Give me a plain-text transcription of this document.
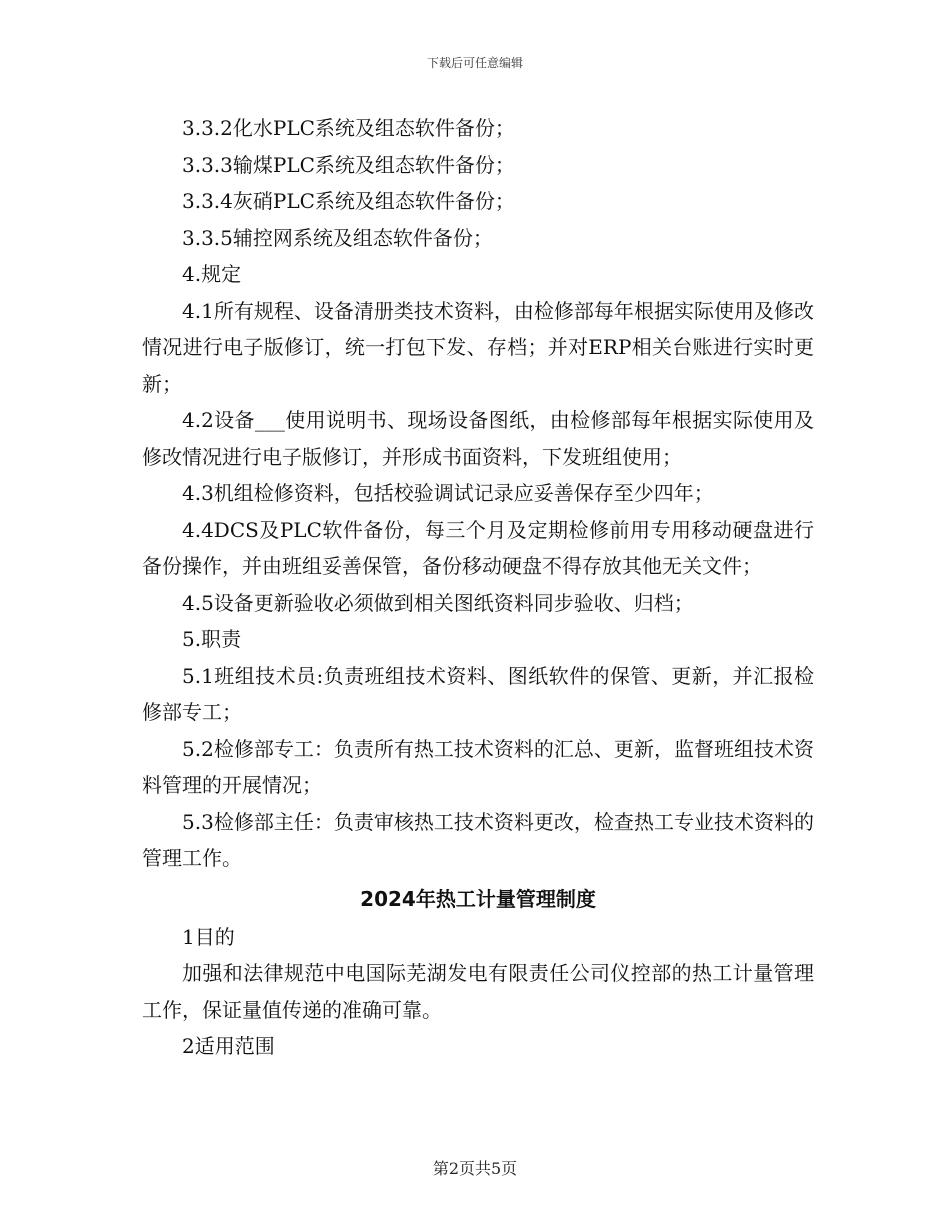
下载后可任意编辑

3.3.2化水PLC系统及组态软件备份；

3.3.3输煤PLC系统及组态软件备份；

3.3.4灰硝PLC系统及组态软件备份；

3.3.5辅控网系统及组态软件备份；

4.规定

4.1所有规程、设备清册类技术资料，由检修部每年根据实际使用及修改情况进行电子版修订，统一打包下发、存档；并对ERP相关台账进行实时更新；

4.2设备___使用说明书、现场设备图纸，由检修部每年根据实际使用及修改情况进行电子版修订，并形成书面资料，下发班组使用；

4.3机组检修资料，包括校验调试记录应妥善保存至少四年；

4.4DCS及PLC软件备份，每三个月及定期检修前用专用移动硬盘进行备份操作，并由班组妥善保管，备份移动硬盘不得存放其他无关文件；

4.5设备更新验收必须做到相关图纸资料同步验收、归档；

5.职责

5.1班组技术员:负责班组技术资料、图纸软件的保管、更新，并汇报检修部专工；

5.2检修部专工：负责所有热工技术资料的汇总、更新，监督班组技术资料管理的开展情况；

5.3检修部主任：负责审核热工技术资料更改，检查热工专业技术资料的管理工作。

2024年热工计量管理制度

1目的

加强和法律规范中电国际芜湖发电有限责任公司仪控部的热工计量管理工作，保证量值传递的准确可靠。

2适用范围

第2页共5页
